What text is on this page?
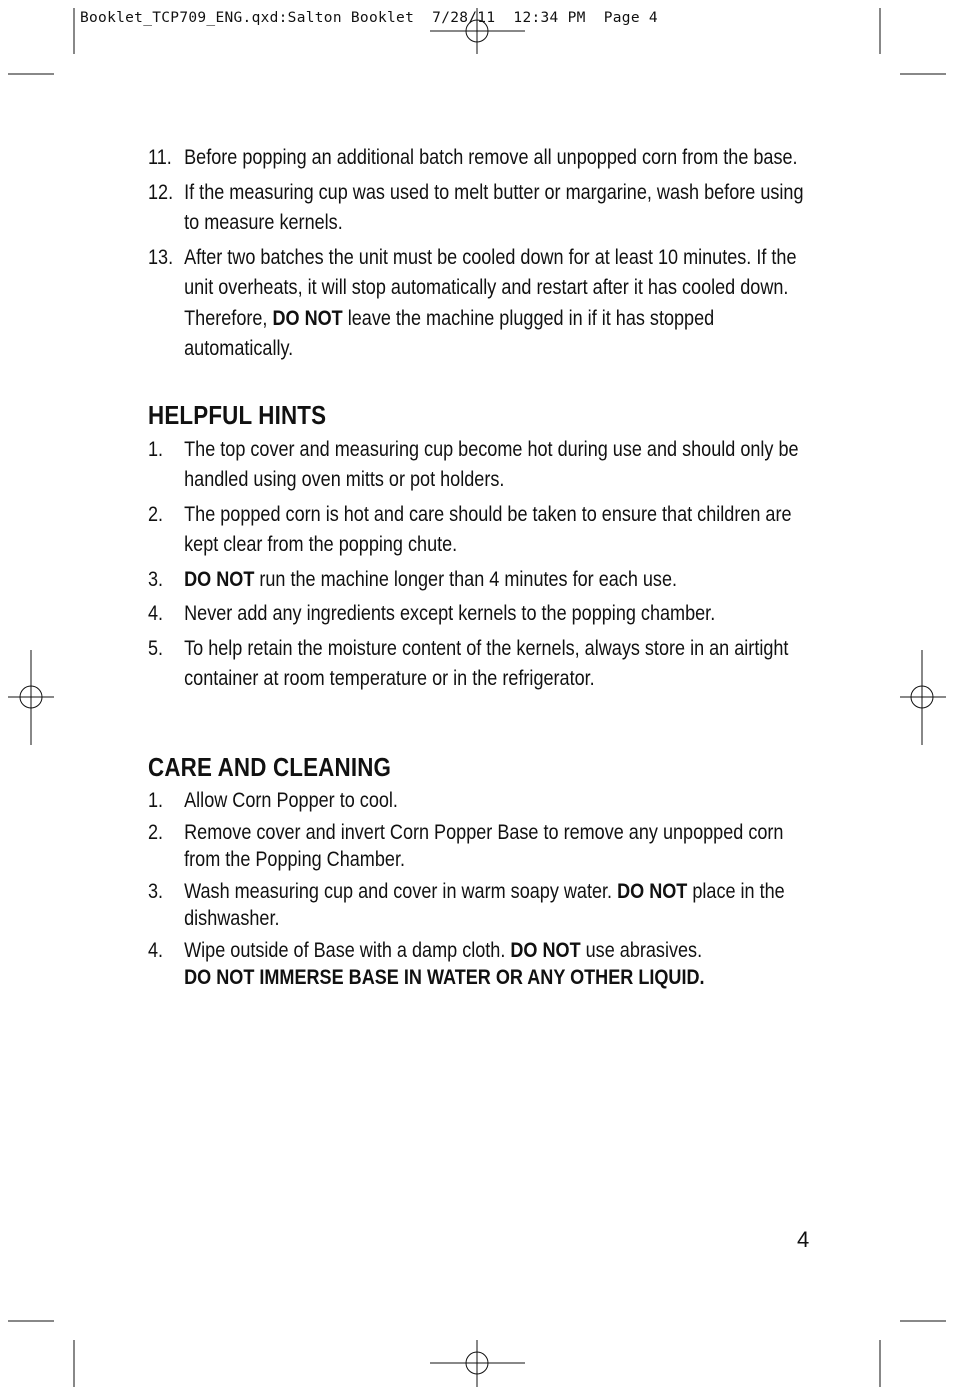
Booklet_TCP709_ENG.qxd:Salton Booklet  7/28/11  12:34 PM  Page 4
11. Before popping an additional batch remove all unpopped corn from the base.
12. If the measuring cup was used to melt butter or margarine, wash before using to measure kernels.
13. After two batches the unit must be cooled down for at least 10 minutes. If the unit overheats, it will stop automatically and restart after it has cooled down. Therefore, DO NOT leave the machine plugged in if it has stopped automatically.
HELPFUL HINTS
1.	The top cover and measuring cup become hot during use and should only be handled using oven mitts or pot holders.
2.	The popped corn is hot and care should be taken to ensure that children are kept clear from the popping chute.
3.	DO NOT run the machine longer than 4 minutes for each use.
4.	Never add any ingredients except kernels to the popping chamber.
5.	To help retain the moisture content of the kernels, always store in an airtight container at room temperature or in the refrigerator.
CARE AND CLEANING
1.	Allow Corn Popper to cool.
2.	Remove cover and invert Corn Popper Base to remove any unpopped corn from the Popping Chamber.
3.	Wash measuring cup and cover in warm soapy water. DO NOT place in the dishwasher.
4.	Wipe outside of Base with a damp cloth. DO NOT use abrasives.
DO NOT IMMERSE BASE IN WATER OR ANY OTHER LIQUID.
4
